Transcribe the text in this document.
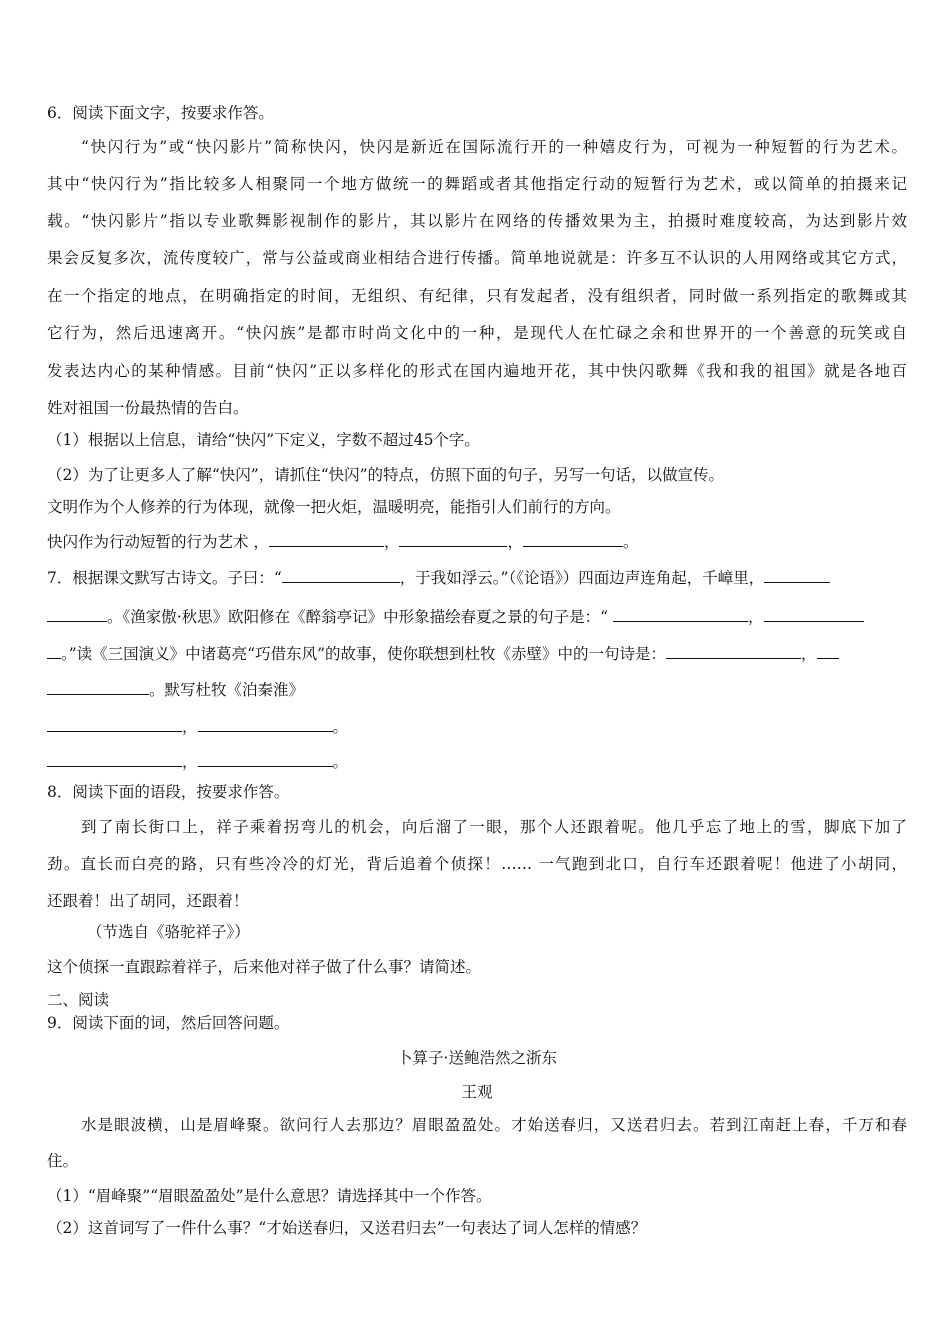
6．阅读下面文字，按要求作答。
“快闪行为”或“快闪影片”简称快闪，快闪是新近在国际流行开的一种嬉皮行为，可视为一种短暂的行为艺术。
其中“快闪行为”指比较多人相聚同一个地方做统一的舞蹈或者其他指定行动的短暂行为艺术，或以简单的拍摄来记
载。“快闪影片”指以专业歌舞影视制作的影片，其以影片在网络的传播效果为主，拍摄时难度较高，为达到影片效
果会反复多次，流传度较广，常与公益或商业相结合进行传播。简单地说就是：许多互不认识的人用网络或其它方式，
在一个指定的地点，在明确指定的时间，无组织、有纪律，只有发起者，没有组织者，同时做一系列指定的歌舞或其
它行为，然后迅速离开。“快闪族”是都市时尚文化中的一种，是现代人在忙碌之余和世界开的一个善意的玩笑或自
发表达内心的某种情感。目前“快闪”正以多样化的形式在国内遍地开花，其中快闪歌舞《我和我的祖国》就是各地百
姓对祖国一份最热情的告白。
（1）根据以上信息，请给“快闪”下定义，字数不超过45个字。
（2）为了让更多人了解“快闪”，请抓住“快闪”的特点，仿照下面的句子，另写一句话，以做宣传。
文明作为个人修养的行为体现，就像一把火炬，温暖明亮，能指引人们前行的方向。
快闪作为行动短暂的行为艺术 ，	，	，	。
7．根据课文默写古诗文。子曰：“	，于我如浮云。”（《论语》）四面边声连角起，千嶂里，
。《渔家傲·秋思》欧阳修在《醉翁亭记》中形象描绘春夏之景的句子是：“	，
。”读《三国演义》中诸葛亮“巧借东风”的故事，使你联想到杜牧《赤壁》中的一句诗是：	，
。默写杜牧《泊秦淮》
，	。
，	。
8．阅读下面的语段，按要求作答。
到了南长街口上，祥子乘着拐弯儿的机会，向后溜了一眼，那个人还跟着呢。他几乎忘了地上的雪，脚底下加了
劲。直长而白亮的路，只有些冷冷的灯光，背后追着个侦探！…… 一气跑到北口，自行车还跟着呢！他进了小胡同，
还跟着！出了胡同，还跟着！
（节选自《骆驼祥子》）
这个侦探一直跟踪着祥子，后来他对祥子做了什么事？请简述。
二、阅读
9．阅读下面的词，然后回答问题。
卜算子·送鲍浩然之浙东
王观
水是眼波横，山是眉峰聚。欲问行人去那边？眉眼盈盈处。才始送春归，又送君归去。若到江南赶上春，千万和春
住。
（1）“眉峰聚”“眉眼盈盈处”是什么意思？请选择其中一个作答。
（2）这首词写了一件什么事？“才始送春归，又送君归去”一句表达了词人怎样的情感？
